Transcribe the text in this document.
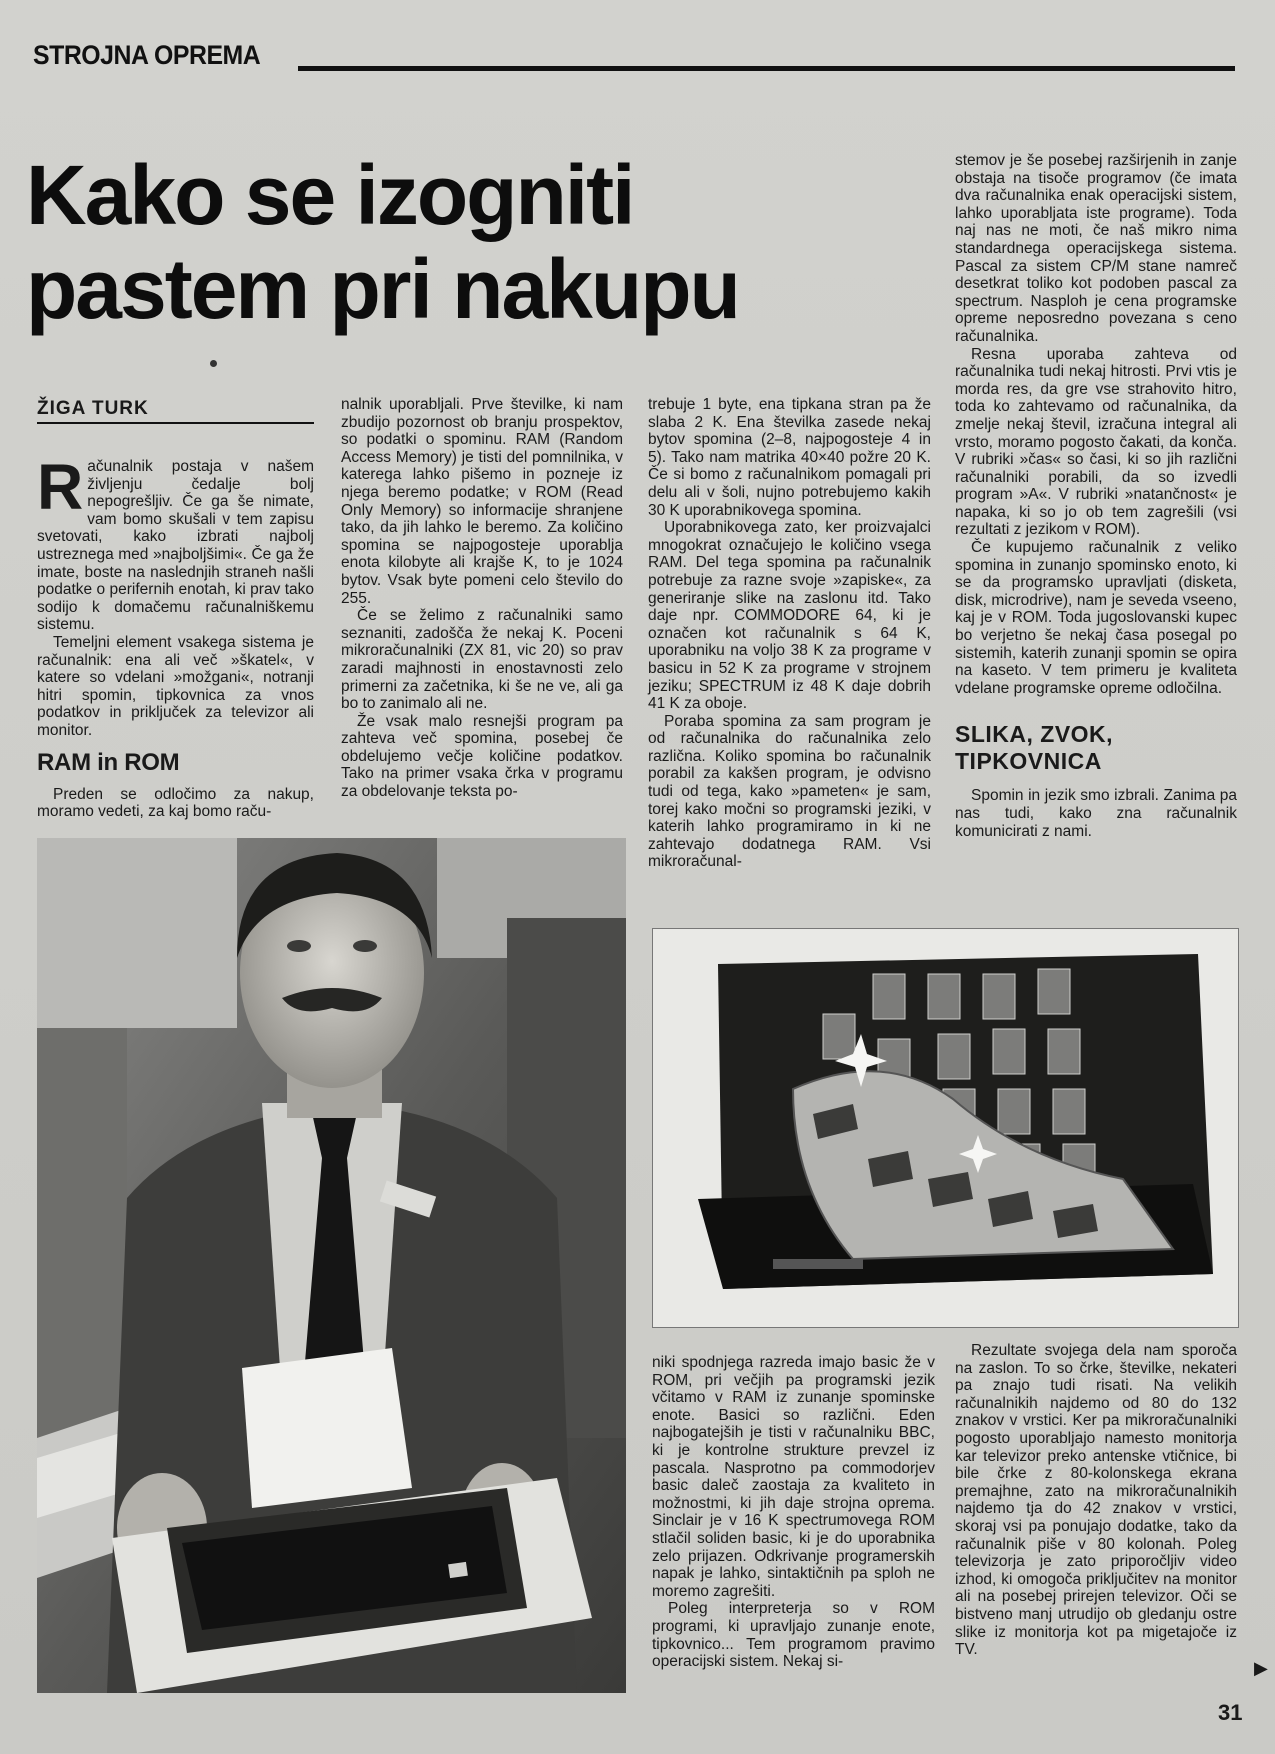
STROJNA OPREMA
Kako se izogniti
pastem pri nakupu
ŽIGA TURK

Računalnik postaja v našem življenju čedalje bolj nepogrešljiv. Če ga še nimate, vam bomo skušali v tem zapisu svetovati, kako izbrati najbolj ustreznega med »najboljšimi«. Če ga že imate, boste na naslednjih straneh našli podatke o perifernih enotah, ki prav tako sodijo k domačemu računalniškemu sistemu.

Temeljni element vsakega sistema je računalnik: ena ali več »škatel«, v katere so vdelani »možgani«, notranji hitri spomin, tipkovnica za vnos podatkov in priključek za televizor ali monitor.

RAM in ROM

Preden se odločimo za nakup, moramo vedeti, za kaj bomo raču-

nalnik uporabljali. Prve številke, ki nam zbudijo pozornost ob branju prospektov, so podatki o spominu. RAM (Random Access Memory) je tisti del pomnilnika, v katerega lahko pišemo in pozneje iz njega beremo podatke; v ROM (Read Only Memory) so informacije shranjene tako, da jih lahko le beremo. Za količino spomina se najpogosteje uporablja enota kilobyte ali krajše K, to je 1024 bytov. Vsak byte pomeni celo število do 255.

Če se želimo z računalniki samo seznaniti, zadošča že nekaj K. Poceni mikroračunalniki (ZX 81, vic 20) so prav zaradi majhnosti in enostavnosti zelo primerni za začetnika, ki še ne ve, ali ga bo to zanimalo ali ne.

Že vsak malo resnejši program pa zahteva več spomina, posebej če obdelujemo večje količine podatkov. Tako na primer vsaka črka v programu za obdelovanje teksta po-

trebuje 1 byte, ena tipkana stran pa že slaba 2 K. Ena številka zasede nekaj bytov spomina (2–8, najpogosteje 4 in 5). Tako nam matrika 40×40 požre 20 K. Če si bomo z računalnikom pomagali pri delu ali v šoli, nujno potrebujemo kakih 30 K uporabnikovega spomina.

Uporabnikovega zato, ker proizvajalci mnogokrat označujejo le količino vsega RAM. Del tega spomina pa računalnik potrebuje za razne svoje »zapiske«, za generiranje slike na zaslonu itd. Tako daje npr. COMMODORE 64, ki je označen kot računalnik s 64 K, uporabniku na voljo 38 K za programe v basicu in 52 K za programe v strojnem jeziku; SPECTRUM iz 48 K daje dobrih 41 K za oboje.

Poraba spomina za sam program je od računalnika do računalnika zelo različna. Koliko spomina bo računalnik porabil za kakšen program, je odvisno tudi od tega, kako »pameten« je sam, torej kako močni so programski jeziki, v katerih lahko programiramo in ki ne zahtevajo dodatnega RAM. Vsi mikroračunal-

stemov je še posebej razširjenih in zanje obstaja na tisoče programov (če imata dva računalnika enak operacijski sistem, lahko uporabljata iste programe). Toda naj nas ne moti, če naš mikro nima standardnega operacijskega sistema. Pascal za sistem CP/M stane namreč desetkrat toliko kot podoben pascal za spectrum. Nasploh je cena programske opreme neposredno povezana s ceno računalnika.

Resna uporaba zahteva od računalnika tudi nekaj hitrosti. Prvi vtis je morda res, da gre vse strahovito hitro, toda ko zahtevamo od računalnika, da zmelje nekaj števil, izračuna integral ali vrsto, moramo pogosto čakati, da konča. V rubriki »čas« so časi, ki so jih različni računalniki porabili, da so izvedli program »A«. V rubriki »natančnost« je napaka, ki so jo ob tem zagrešili (vsi rezultati z jezikom v ROM).

Če kupujemo računalnik z veliko spomina in zunanjo spominsko enoto, ki se da programsko upravljati (disketa, disk, microdrive), nam je seveda vseeno, kaj je v ROM. Toda jugoslovanski kupec bo verjetno še nekaj časa posegal po sistemih, katerih zunanji spomin se opira na kaseto. V tem primeru je kvaliteta vdelane programske opreme odločilna.

SLIKA, ZVOK,
TIPKOVNICA

Spomin in jezik smo izbrali. Zanima pa nas tudi, kako zna računalnik komunicirati z nami.

niki spodnjega razreda imajo basic že v ROM, pri večjih pa programski jezik včitamo v RAM iz zunanje spominske enote. Basici so različni. Eden najbogatejših je tisti v računalniku BBC, ki je kontrolne strukture prevzel iz pascala. Nasprotno pa commodorjev basic daleč zaostaja za kvaliteto in možnostmi, ki jih daje strojna oprema. Sinclair je v 16 K spectrumovega ROM stlačil soliden basic, ki je do uporabnika zelo prijazen. Odkrivanje programerskih napak je lahko, sintaktičnih pa sploh ne moremo zagrešiti.

Poleg interpreterja so v ROM programi, ki upravljajo zunanje enote, tipkovnico... Tem programom pravimo operacijski sistem. Nekaj si-

Rezultate svojega dela nam sporoča na zaslon. To so črke, številke, nekateri pa znajo tudi risati. Na velikih računalnikih najdemo od 80 do 132 znakov v vrstici. Ker pa mikroračunalniki pogosto uporabljajo namesto monitorja kar televizor preko antenske vtičnice, bi bile črke z 80-kolonskega ekrana premajhne, zato na mikroračunalnikih najdemo tja do 42 znakov v vrstici, skoraj vsi pa ponujajo dodatke, tako da računalnik piše v 80 kolonah. Poleg televizorja je zato priporočljiv video izhod, ki omogoča priključitev na monitor ali na posebej prirejen televizor. Oči se bistveno manj utrudijo ob gledanju ostre slike iz monitorja kot pa migetajoče iz TV.

▶
31
